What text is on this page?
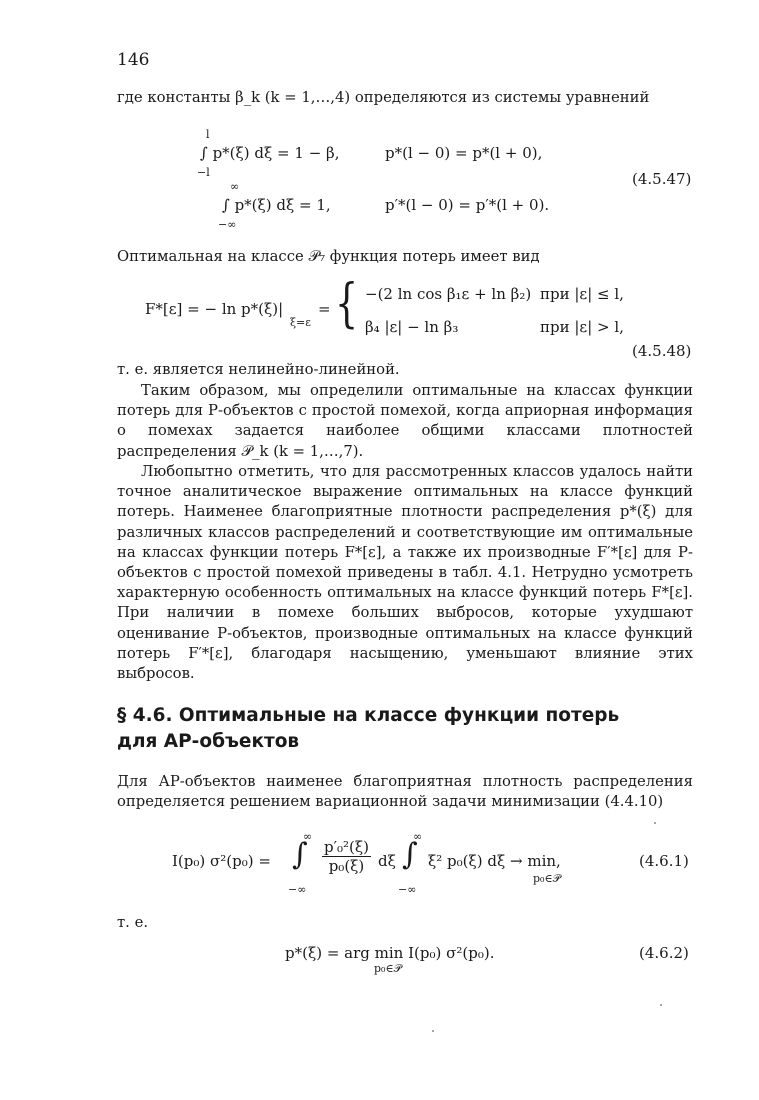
146

где константы β_k (k = 1,…,4) определяются из системы уравнений

l
−l
∫ p*(ξ) dξ = 1 − β,	p*(l − 0) = p*(l + 0),
∞
−∞
∫ p*(ξ) dξ = 1,	p′*(l − 0) = p′*(l + 0).
(4.5.47)

Оптимальная на классе 𝒫₇ функция потерь имеет вид

F*[ε] = − ln p*(ξ)|
ξ=ε
= { −(2 ln cos β₁ε + ln β₂) при |ε| ≤ l,
β₄ |ε| − ln β₃	при |ε| > l,
(4.5.48)

т. е. является нелинейно-линейной.

Таким образом, мы определили оптимальные на классах функции потерь для Р-объектов с простой помехой, когда априорная информация о помехах задается наиболее общими классами плотностей распределения 𝒫_k (k = 1,…,7).

Любопытно отметить, что для рассмотренных классов удалось найти точное аналитическое выражение оптимальных на классе функций потерь. Наименее благоприятные плотности распределения p*(ξ) для различных классов распределений и соответствующие им оптимальные на классах функции потерь F*[ε], а также их производные F′*[ε] для Р-объектов с простой помехой приведены в табл. 4.1. Нетрудно усмотреть характерную особенность оптимальных на классе функций потерь F*[ε]. При наличии в помехе больших выбросов, которые ухудшают оценивание Р-объектов, производные оптимальных на классе функций потерь F′*[ε], благодаря насыщению, уменьшают влияние этих выбросов.

§ 4.6. Оптимальные на классе функции потерь
для АР-объектов

Для АР-объектов наименее благоприятная плотность распределения определяется решением вариационной задачи минимизации (4.4.10)

I(p₀) σ²(p₀) = ∫
∞
−∞
$\frac{\text{p′₀²(ξ)}}{\text{p₀(ξ)}}$ dξ ∫
∞
−∞
ξ² p₀(ξ) dξ → min,
p₀∈𝒫
(4.6.1)

т. е.

p*(ξ) = arg min I(p₀) σ²(p₀).
p₀∈𝒫
(4.6.2)
